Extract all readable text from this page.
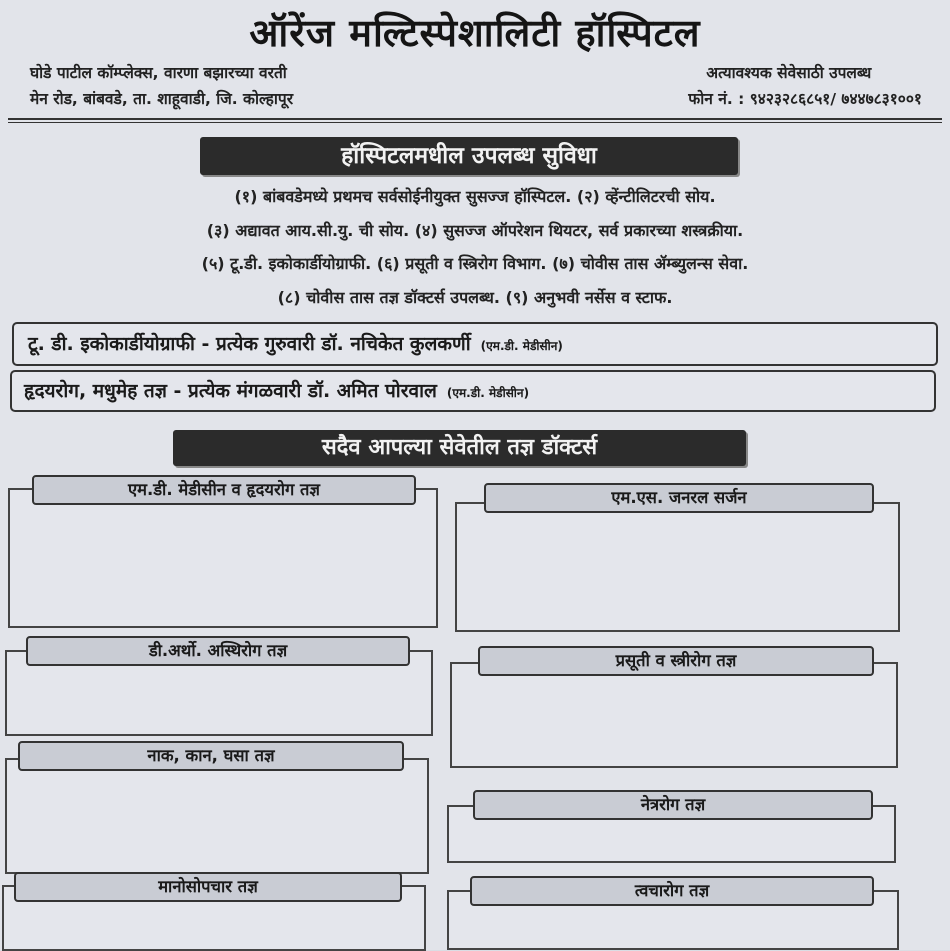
ऑरेंज मल्टिस्पेशालिटी हॉस्पिटल
घोडे पाटील कॉम्प्लेक्स, वारणा बझारच्या वरती
मेन रोड, बांबवडे, ता. शाहूवाडी, जि. कोल्हापूर
अत्यावश्यक सेवेसाठी उपलब्ध
फोन नं. : ९४२३२८६८५१/ ७४४७८३१००१
हॉस्पिटलमधील उपलब्ध सुविधा
(१) बांबवडेमध्ये प्रथमच सर्वसोईनीयुक्त सुसज्ज हॉस्पिटल. (२) व्हेंन्टीलिटरची सोय.
(३) अद्यावत आय.सी.यु. ची सोय. (४) सुसज्ज ऑपरेशन थियटर, सर्व प्रकारच्या शस्त्रक्रीया.
(५) टू.डी. इकोकार्डीयोग्राफी. (६) प्रसूती व स्त्रिरोग विभाग. (७) चोवीस तास ॲम्ब्युलन्स सेवा.
(८) चोवीस तास तज्ञ डॉक्टर्स उपलब्ध. (९) अनुभवी नर्सेस व स्टाफ.
टू. डी. इकोकार्डीयोग्राफी - प्रत्येक गुरुवारी डॉ. नचिकेत कुलकर्णी (एम.डी. मेडीसीन)
हृदयरोग, मधुमेह तज्ञ - प्रत्येक मंगळवारी डॉ. अमित पोरवाल (एम.डी. मेडीसीन)
सदैव आपल्या सेवेतील तज्ञ डॉक्टर्स
एम.डी. मेडीसीन व हृदयरोग तज्ञ	एम.एस. जनरल सर्जन
डी.अर्थो. अस्थिरोग तज्ञ
प्रसूती व स्त्रीरोग तज्ञ
नाक, कान, घसा तज्ञ
नेत्ररोग तज्ञ
मानोसोपचार तज्ञ	त्वचारोग तज्ञ
